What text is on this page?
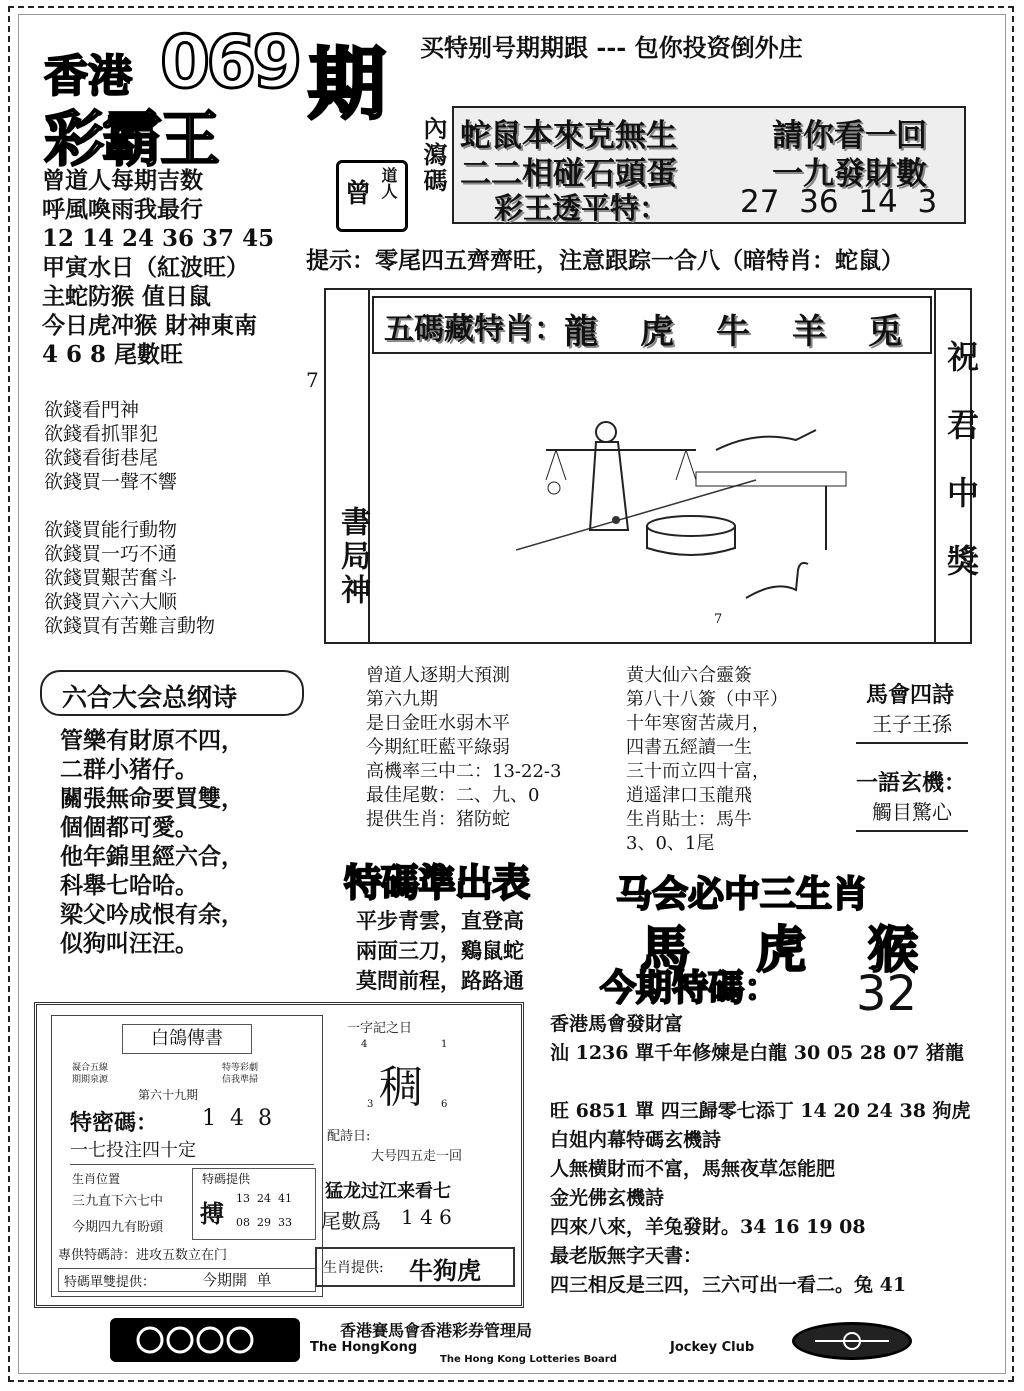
香港 069 期
彩霸王
买特别号期期跟 --- 包你投资倒外庄
曾道人每期吉数
呼風喚雨我最行
12 14 24 36 37 45
甲寅水日（紅波旺）
主蛇防猴 值日鼠
今日虎冲猴 財神東南
4 6 8 尾數旺
曾 道人 內瀉碼 蛇鼠本來克無生	請你看一回
二二相碰石頭蛋	一九發財數
彩王透平特： 27  36  14  3
提示：零尾四五齊齊旺，注意跟踪一合八（暗特肖：蛇鼠）
欲錢看門神
欲錢看抓罪犯
欲錢看街巷尾
欲錢買一聲不響
欲錢買能行動物
欲錢買一巧不通
欲錢買艱苦奮斗
欲錢買六六大顺
欲錢買有苦難言動物
7
五碼藏特肖： 龍 虎 牛 羊 兎
書局神	祝君中獎
7
六合大会总纲诗
管樂有財原不四，
二群小猪仔。
關張無命要買雙，
個個都可愛。
他年錦里經六合，
科舉七哈哈。
梁父吟成恨有余，
似狗叫汪汪。
曾道人逐期大預測
第六九期
是日金旺水弱木平
今期紅旺藍平綠弱
高機率三中二：13-22-3
最佳尾數：二、九、0
提供生肖：猪防蛇
黄大仙六合靈簽
第八十八簽（中平）
十年寒窗苦歲月，
四書五經讀一生
三十而立四十富，
逍遥津口玉龍飛
生肖貼士：馬牛
3、0、1尾
馬會四詩
王子王孫
一語玄機：
觸目驚心
特碼準出表
平步青雲，直登高
兩面三刀，鷄鼠蛇
莫問前程，路路通
马会必中三生肖
馬 虎 猴
今期特碼： 32
香港馬會發財富
汕 1236 單千年修煉是白龍 30 05 28 07 猪龍
旺 6851 單 四三歸零七添丁 14 20 24 38 狗虎
白姐内幕特碼玄機詩
人無横財而不富，馬無夜草怎能肥
金光佛玄機詩
四來八來，羊兔發財。34 16 19 08
最老版無字天書：
四三相反是三四，三六可出一看二。兔 41
白鴿傳書
凝合五線
期期泉源
特等彩劇
信我準掃
第六十九期
特密碼： 1  4  8
一七投注四十定
生肖位置
三九直下六七中
今期四九有盼頭
特碼提供
搏
13  24  41
08  29  33
專供特碼詩：进攻五数立在门
特碼單雙提供：	今期開  单
一字記之日
4	1
稠
3	6
配詩日:
大号四五走一回
猛龙过江来看七
尾數爲 1 4 6
生肖提供: 牛狗虎
香港賽馬會香港彩券管理局
The HongKong	Jockey Club
The Hong Kong Lotteries Board
